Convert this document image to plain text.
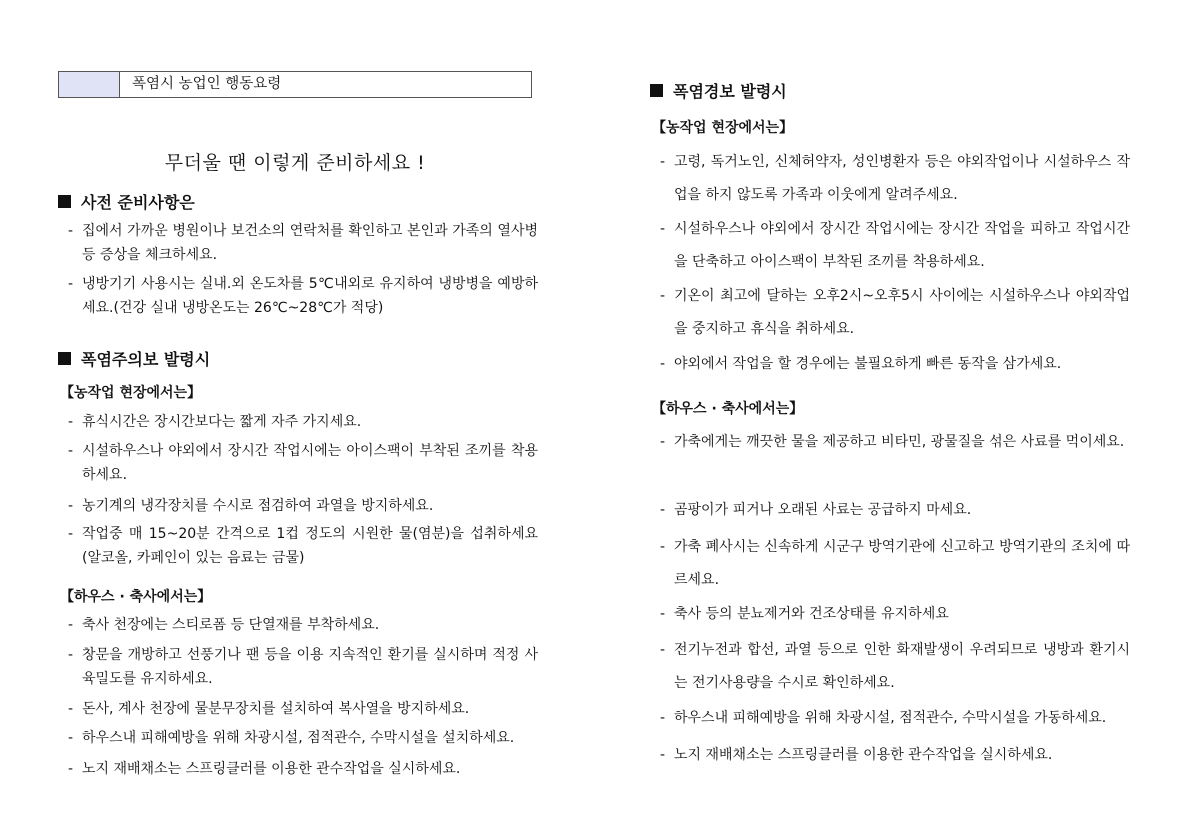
폭염시 농업인 행동요령
무더울 땐 이렇게 준비하세요 !
사전 준비사항은
- 집에서 가까운 병원이나 보건소의 연락처를 확인하고 본인과 가족의 열사병 등 증상을 체크하세요.
- 냉방기기 사용시는 실내.외 온도차를 5℃내외로 유지하여 냉방병을 예방하세요.(건강 실내 냉방온도는 26℃~28℃가 적당)
폭염주의보 발령시
【농작업 현장에서는】
- 휴식시간은 장시간보다는 짧게 자주 가지세요.
- 시설하우스나 야외에서 장시간 작업시에는 아이스팩이 부착된 조끼를 착용하세요.
- 농기계의 냉각장치를 수시로 점검하여 과열을 방지하세요.
- 작업중 매 15~20분 간격으로 1컵 정도의 시원한 물(염분)을 섭취하세요(알코올, 카페인이 있는 음료는 금물)
【하우스 · 축사에서는】
- 축사 천장에는 스티로폼 등 단열재를 부착하세요.
- 창문을 개방하고 선풍기나 팬 등을 이용 지속적인 환기를 실시하며 적정 사육밀도를 유지하세요.
- 돈사, 계사 천장에 물분무장치를 설치하여 복사열을 방지하세요.
- 하우스내 피해예방을 위해 차광시설, 점적관수, 수막시설을 설치하세요.
- 노지 재배채소는 스프링클러를 이용한 관수작업을 실시하세요.
폭염경보 발령시
【농작업 현장에서는】
- 고령, 독거노인, 신체허약자, 성인병환자 등은 야외작업이나 시설하우스 작업을 하지 않도록 가족과 이웃에게 알려주세요.
- 시설하우스나 야외에서 장시간 작업시에는 장시간 작업을 피하고 작업시간을 단축하고 아이스팩이 부착된 조끼를 착용하세요.
- 기온이 최고에 달하는 오후2시~오후5시 사이에는 시설하우스나 야외작업을 중지하고 휴식을 취하세요.
- 야외에서 작업을 할 경우에는 불필요하게 빠른 동작을 삼가세요.
【하우스 · 축사에서는】
- 가축에게는 깨끗한 물을 제공하고 비타민, 광물질을 섞은 사료를 먹이세요.
- 곰팡이가 피거나 오래된 사료는 공급하지 마세요.
- 가축 폐사시는 신속하게 시군구 방역기관에 신고하고 방역기관의 조치에 따르세요.
- 축사 등의 분뇨제거와 건조상태를 유지하세요
- 전기누전과 합선, 과열 등으로 인한 화재발생이 우려되므로 냉방과 환기시는 전기사용량을 수시로 확인하세요.
- 하우스내 피해예방을 위해 차광시설, 점적관수, 수막시설을 가동하세요.
- 노지 재배채소는 스프링클러를 이용한 관수작업을 실시하세요.
